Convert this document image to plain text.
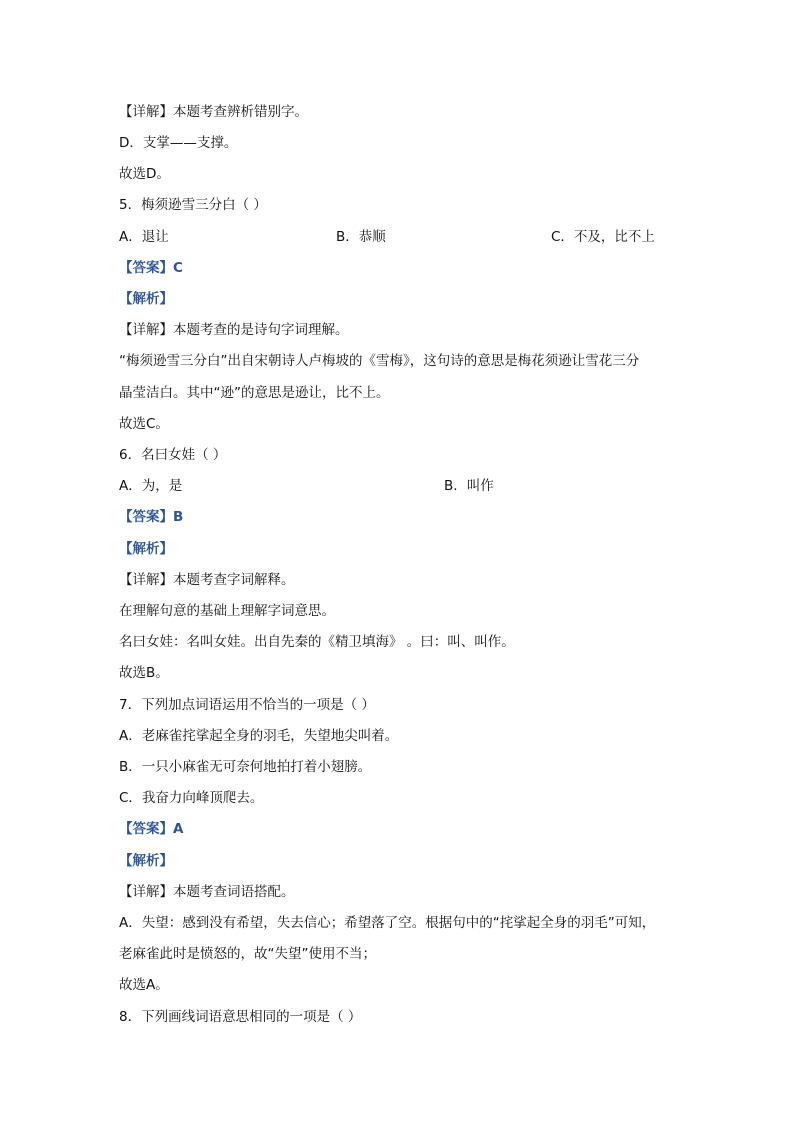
【详解】本题考查辨析错别字。
D．支掌——支撑。
故选D。
5．梅须逊雪三分白（ ）
A．退让	B．恭顺	C．不及，比不上
【答案】C
【解析】
【详解】本题考查的是诗句字词理解。
“梅须逊雪三分白”出自宋朝诗人卢梅坡的《雪梅》，这句诗的意思是梅花须逊让雪花三分
晶莹洁白。其中“逊”的意思是逊让，比不上。
故选C。
6．名曰女娃（ ）
A．为，是	B．叫作
【答案】B
【解析】
【详解】本题考查字词解释。
在理解句意的基础上理解字词意思。
名曰女娃：名叫女娃。出自先秦的《精卫填海》 。曰：叫、叫作。
故选B。
7．下列加点词语运用不恰当的一项是（ ）
A．老麻雀挓挲起全身的羽毛，失望地尖叫着。
B．一只小麻雀无可奈何地拍打着小翅膀。
C．我奋力向峰顶爬去。
【答案】A
【解析】
【详解】本题考查词语搭配。
A．失望：感到没有希望，失去信心；希望落了空。根据句中的“挓挲起全身的羽毛”可知，
老麻雀此时是愤怒的，故“失望”使用不当；
故选A。
8．下列画线词语意思相同的一项是（ ）
